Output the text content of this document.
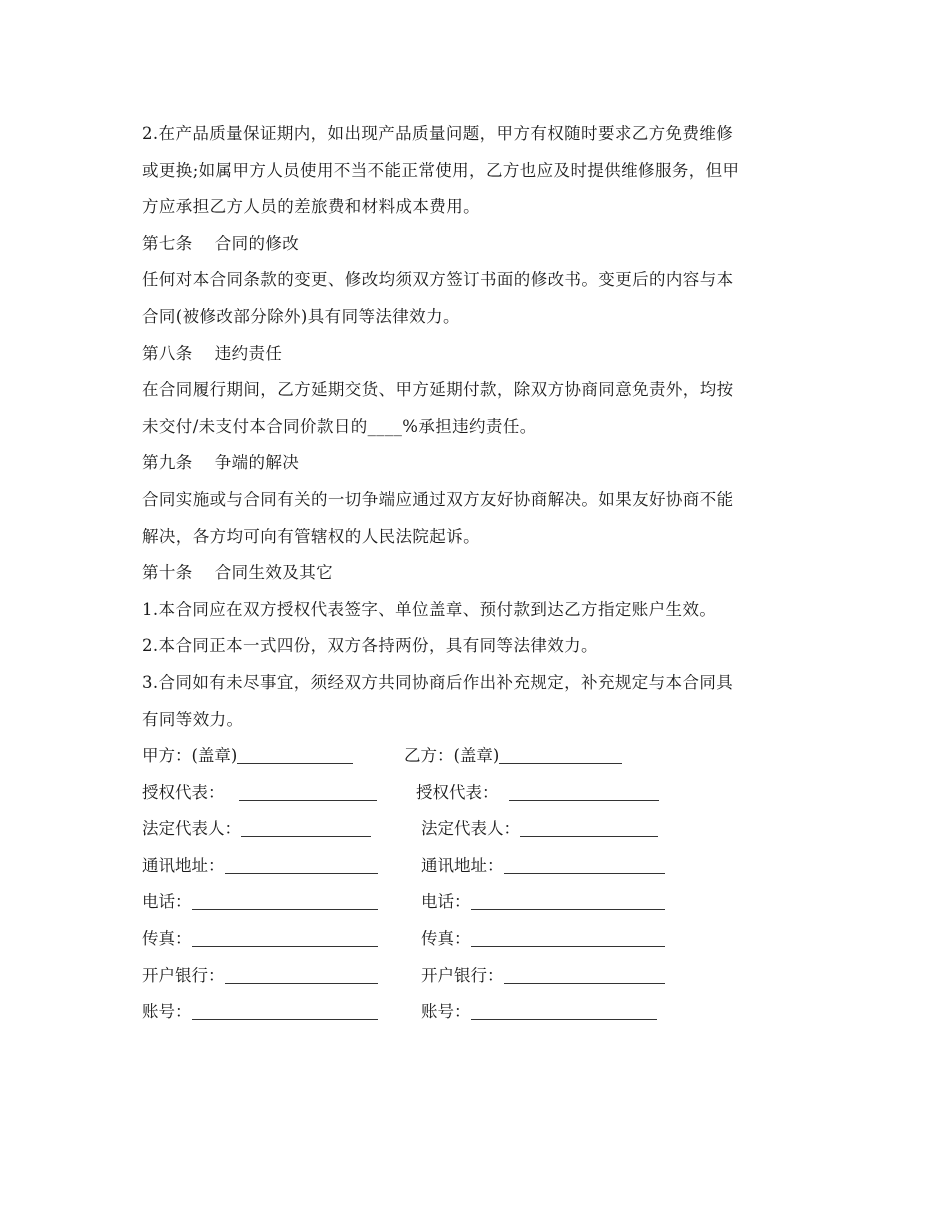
2.在产品质量保证期内，如出现产品质量问题，甲方有权随时要求乙方免费维修
或更换;如属甲方人员使用不当不能正常使用，乙方也应及时提供维修服务，但甲
方应承担乙方人员的差旅费和材料成本费用。
第七条 合同的修改
任何对本合同条款的变更、修改均须双方签订书面的修改书。变更后的内容与本
合同(被修改部分除外)具有同等法律效力。
第八条 违约责任
在合同履行期间，乙方延期交货、甲方延期付款，除双方协商同意免责外，均按
未交付/未支付本合同价款日的____%承担违约责任。
第九条 争端的解决
合同实施或与合同有关的一切争端应通过双方友好协商解决。如果友好协商不能
解决，各方均可向有管辖权的人民法院起诉。
第十条 合同生效及其它
1.本合同应在双方授权代表签字、单位盖章、预付款到达乙方指定账户生效。
2.本合同正本一式四份，双方各持两份，具有同等法律效力。
3.合同如有未尽事宜，须经双方共同协商后作出补充规定，补充规定与本合同具
有同等效力。
甲方：(盖章)	乙方：(盖章)
授权代表：	授权代表：
法定代表人：	法定代表人：
通讯地址：	通讯地址：
电话：	电话：
传真：	传真：
开户银行：	开户银行：
账号：	账号：
